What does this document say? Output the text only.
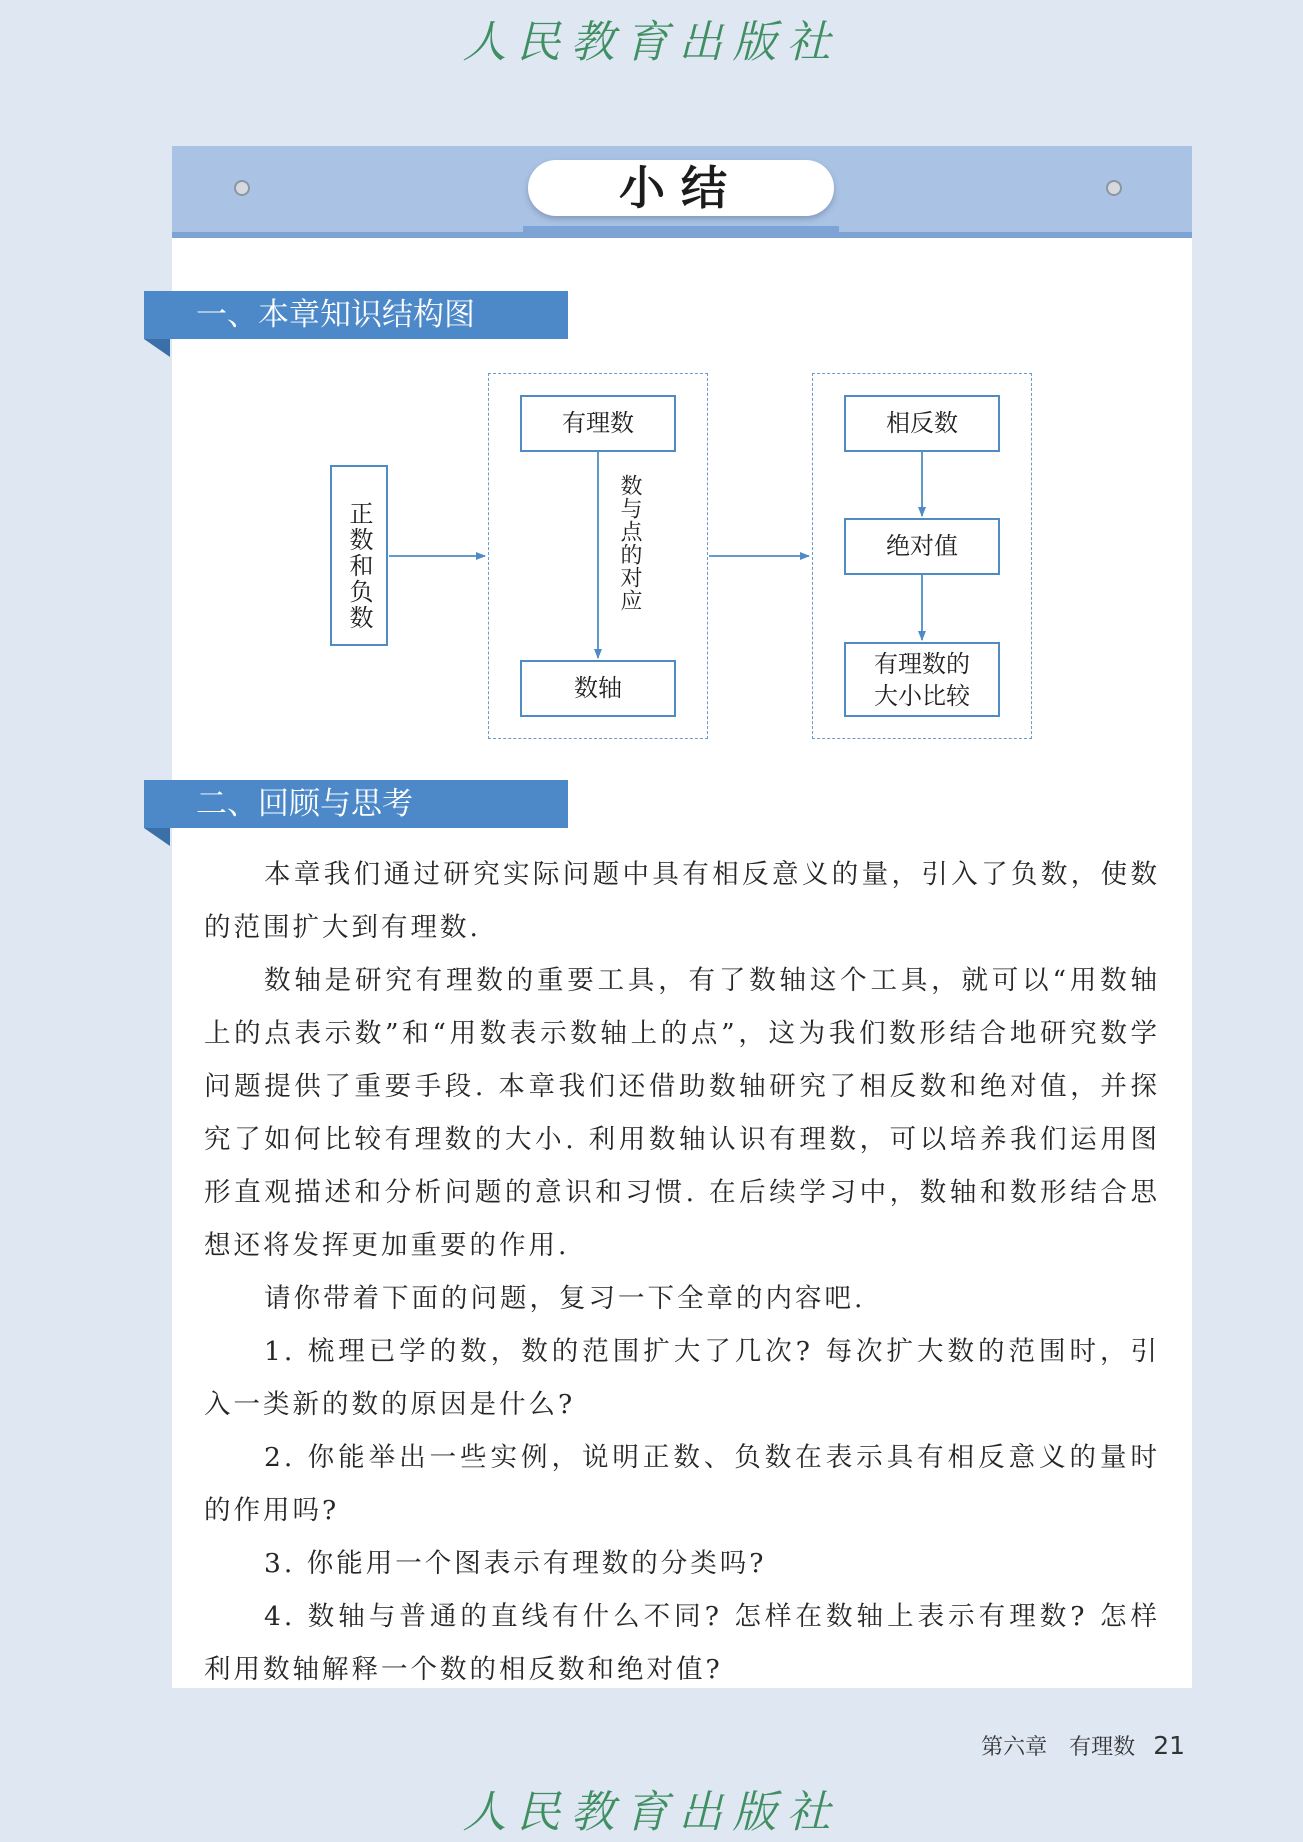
人民教育出版社
小结
一、本章知识结构图
正数和负数
有理数
数轴
数与点的对应
相反数
绝对值
有理数的
大小比较
二、回顾与思考

本章我们通过研究实际问题中具有相反意义的量，引入了负数，使数的范围扩大到有理数.

数轴是研究有理数的重要工具，有了数轴这个工具，就可以“用数轴上的点表示数”和“用数表示数轴上的点”，这为我们数形结合地研究数学问题提供了重要手段. 本章我们还借助数轴研究了相反数和绝对值，并探究了如何比较有理数的大小. 利用数轴认识有理数，可以培养我们运用图形直观描述和分析问题的意识和习惯. 在后续学习中，数轴和数形结合思想还将发挥更加重要的作用.

请你带着下面的问题，复习一下全章的内容吧.

1. 梳理已学的数，数的范围扩大了几次? 每次扩大数的范围时，引入一类新的数的原因是什么?

2. 你能举出一些实例，说明正数、负数在表示具有相反意义的量时的作用吗?

3. 你能用一个图表示有理数的分类吗?

4. 数轴与普通的直线有什么不同? 怎样在数轴上表示有理数? 怎样利用数轴解释一个数的相反数和绝对值?

第六章 有理数 21
人民教育出版社
